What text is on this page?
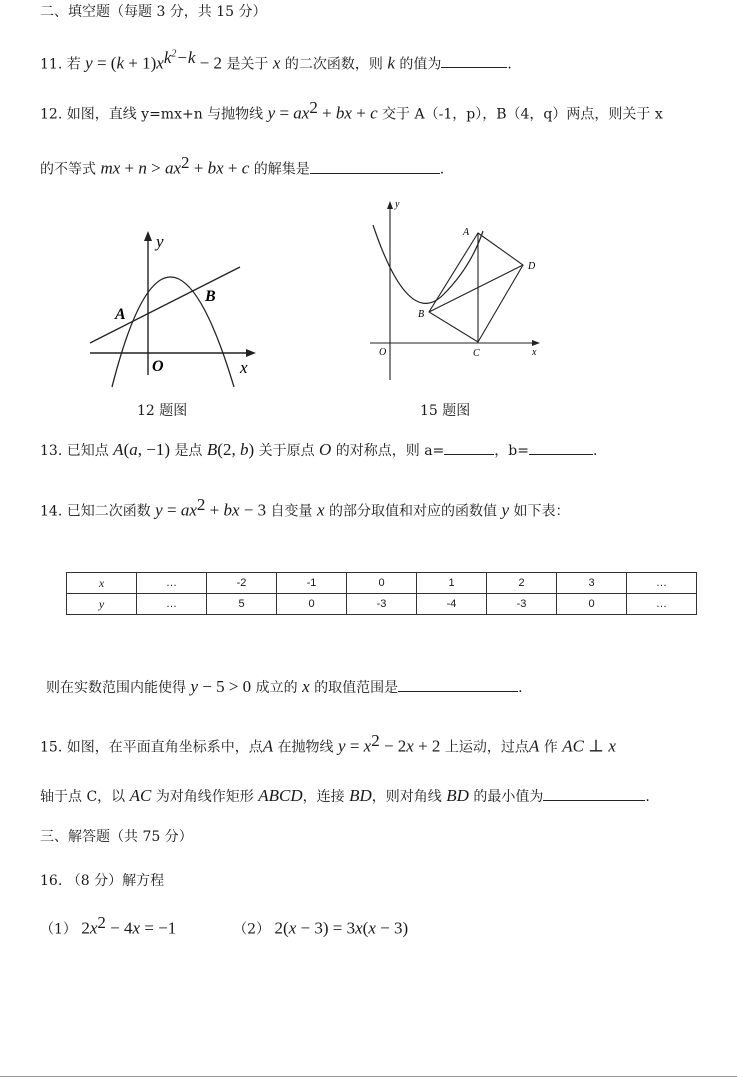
二、填空题（每题 3 分，共 15 分）
11. 若 $y = (k + 1)x^{k^2-k} - 2$ 是关于 x 的二次函数，则 k 的值为	.
12. 如图，直线 y=mx+n 与抛物线 $y = ax^2$ + bx + c 交于 A（-1，p），B（4，q）两点，则关于 x
的不等式 mx + $n > ax^2$ + bx + c 的解集是	.
y
x
O
A
B
12 题图
y
x
O
A
B
C
D
15 题图
13. 已知点 A(a, −1) 是点 B(2, b) 关于原点 O 的对称点，则 a=	，b=	.
14. 已知二次函数 $y = ax^2$ + bx − 3 自变量 x 的部分取值和对应的函数值 y 如下表：
x	…	-2	-1	0	1	2	3	…
y	…	5	0	-3	-4	-3	0	…
则在实数范围内能使得 y − 5 > 0 成立的 x 的取值范围是	.
15. 如图，在平面直角坐标系中，点A 在抛物线 $y = x^2 - 2x + 2$ 上运动，过点A 作 AC ⊥ x
轴于点 C，以 AC 为对角线作矩形 ABCD，连接 BD，则对角线 BD 的最小值为	.
三、解答题（共 75 分）
16. （8 分）解方程
（1） $2x^2 - 4x = -1$	（2） 2(x − 3) = 3x(x − 3)
